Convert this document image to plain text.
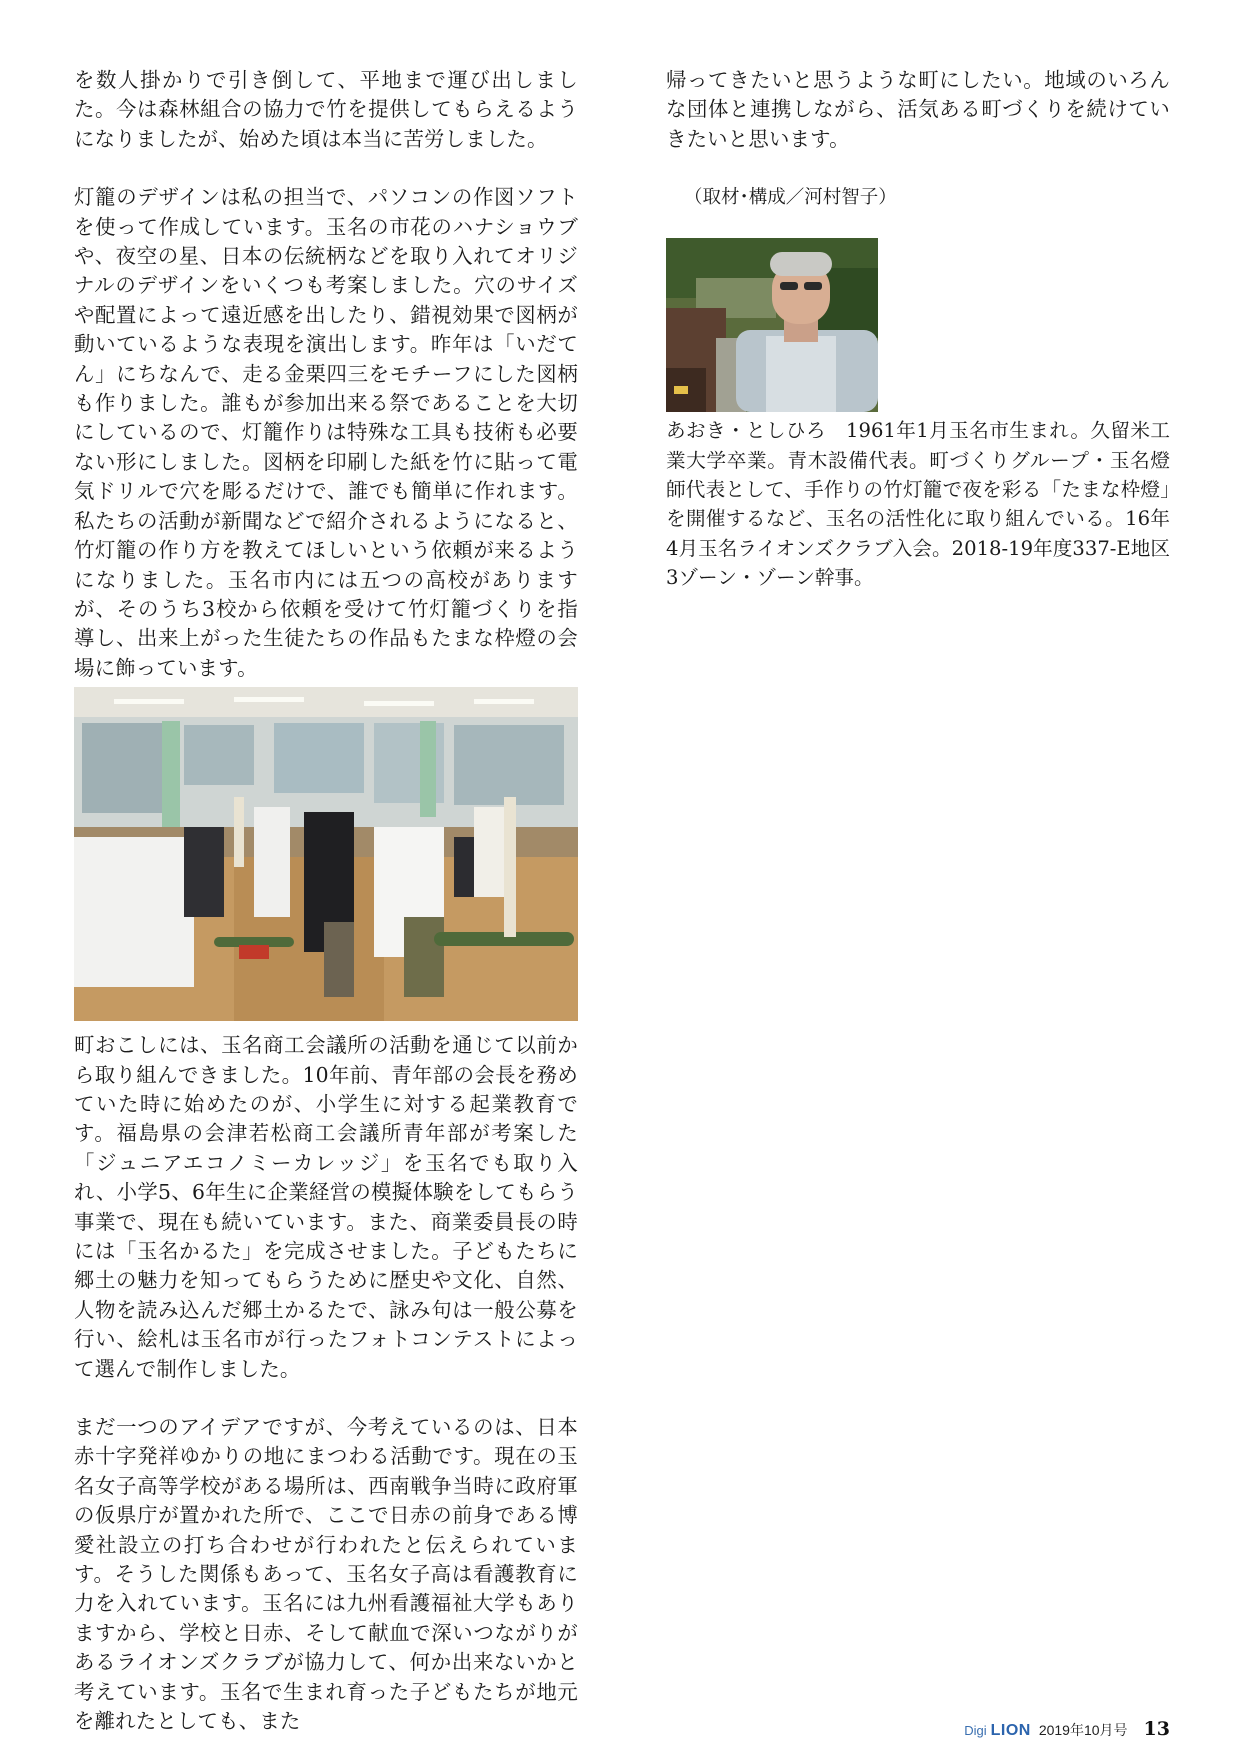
を数人掛かりで引き倒して、平地まで運び出しました。今は森林組合の協力で竹を提供してもらえるようになりましたが、始めた頃は本当に苦労しました。

灯籠のデザインは私の担当で、パソコンの作図ソフトを使って作成しています。玉名の市花のハナショウブや、夜空の星、日本の伝統柄などを取り入れてオリジナルのデザインをいくつも考案しました。穴のサイズや配置によって遠近感を出したり、錯視効果で図柄が動いているような表現を演出します。昨年は「いだてん」にちなんで、走る金栗四三をモチーフにした図柄も作りました。誰もが参加出来る祭であることを大切にしているので、灯籠作りは特殊な工具も技術も必要ない形にしました。図柄を印刷した紙を竹に貼って電気ドリルで穴を彫るだけで、誰でも簡単に作れます。私たちの活動が新聞などで紹介されるようになると、竹灯籠の作り方を教えてほしいという依頼が来るようになりました。玉名市内には五つの高校がありますが、そのうち3校から依頼を受けて竹灯籠づくりを指導し、出来上がった生徒たちの作品もたまな枠燈の会場に飾っています。

町おこしには、玉名商工会議所の活動を通じて以前から取り組んできました。10年前、青年部の会長を務めていた時に始めたのが、小学生に対する起業教育です。福島県の会津若松商工会議所青年部が考案した「ジュニアエコノミーカレッジ」を玉名でも取り入れ、小学5、6年生に企業経営の模擬体験をしてもらう事業で、現在も続いています。また、商業委員長の時には「玉名かるた」を完成させました。子どもたちに郷土の魅力を知ってもらうために歴史や文化、自然、人物を読み込んだ郷土かるたで、詠み句は一般公募を行い、絵札は玉名市が行ったフォトコンテストによって選んで制作しました。

まだ一つのアイデアですが、今考えているのは、日本赤十字発祥ゆかりの地にまつわる活動です。現在の玉名女子高等学校がある場所は、西南戦争当時に政府軍の仮県庁が置かれた所で、ここで日赤の前身である博愛社設立の打ち合わせが行われたと伝えられています。そうした関係もあって、玉名女子高は看護教育に力を入れています。玉名には九州看護福祉大学もありますから、学校と日赤、そして献血で深いつながりがあるライオンズクラブが協力して、何か出来ないかと考えています。玉名で生まれ育った子どもたちが地元を離れたとしても、また

帰ってきたいと思うような町にしたい。地域のいろんな団体と連携しながら、活気ある町づくりを続けていきたいと思います。

（取材･構成／河村智子）

あおき・としひろ　1961年1月玉名市生まれ。久留米工業大学卒業。青木設備代表。町づくりグループ・玉名燈師代表として、手作りの竹灯籠で夜を彩る「たまな枠燈」を開催するなど、玉名の活性化に取り組んでいる。16年4月玉名ライオンズクラブ入会。2018-19年度337-E地区3ゾーン・ゾーン幹事。

Digi LION 2019年10月号 13
